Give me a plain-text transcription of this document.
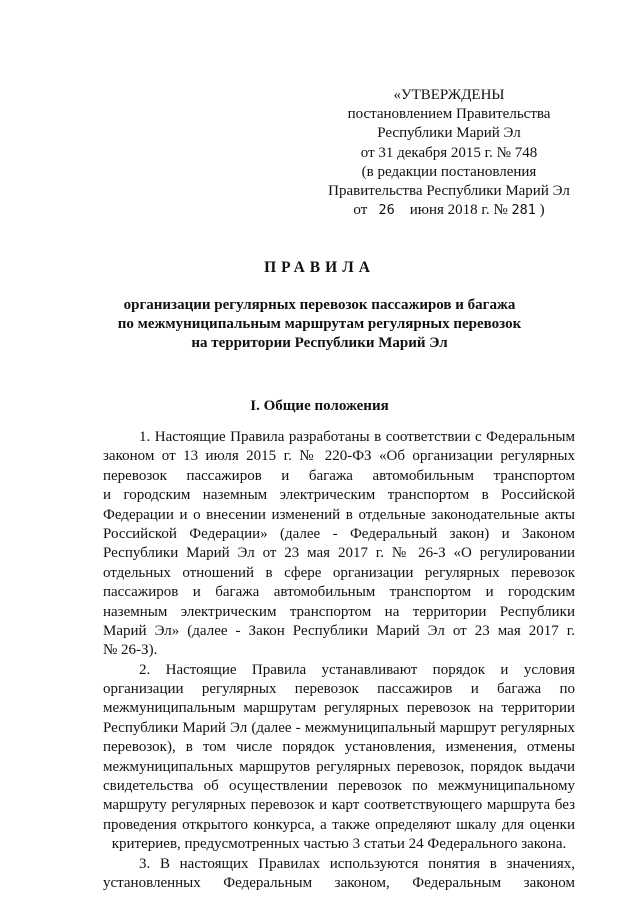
«УТВЕРЖДЕНЫ
постановлением Правительства
Республики Марий Эл
от 31 декабря 2015 г. № 748
(в редакции постановления
Правительства Республики Марий Эл
от 26 июня 2018 г. № 281 )
ПРАВИЛА
организации регулярных перевозок пассажиров и багажа
по межмуниципальным маршрутам регулярных перевозок
на территории Республики Марий Эл
I. Общие положения
1. Настоящие Правила разработаны в соответствии с Федеральным
законом от 13 июля 2015 г. № 220-ФЗ «Об организации регулярных
перевозок пассажиров и багажа автомобильным транспортом
и городским наземным электрическим транспортом в Российской
Федерации и о внесении изменений в отдельные законодательные акты
Российской Федерации» (далее - Федеральный закон) и Законом
Республики Марий Эл от 23 мая 2017 г. № 26-З «О регулировании
отдельных отношений в сфере организации регулярных перевозок
пассажиров и багажа автомобильным транспортом и городским
наземным электрическим транспортом на территории Республики
Марий Эл» (далее - Закон Республики Марий Эл от 23 мая 2017 г.
№ 26-З).
2. Настоящие Правила устанавливают порядок и условия
организации регулярных перевозок пассажиров и багажа по
межмуниципальным маршрутам регулярных перевозок на территории
Республики Марий Эл (далее - межмуниципальный маршрут регулярных
перевозок), в том числе порядок установления, изменения, отмены
межмуниципальных маршрутов регулярных перевозок, порядок выдачи
свидетельства об осуществлении перевозок по межмуниципальному
маршруту регулярных перевозок и карт соответствующего маршрута без
проведения открытого конкурса, а также определяют шкалу для оценки
критериев, предусмотренных частью 3 статьи 24 Федерального закона.
3. В настоящих Правилах используются понятия в значениях,
установленных Федеральным законом, Федеральным законом
